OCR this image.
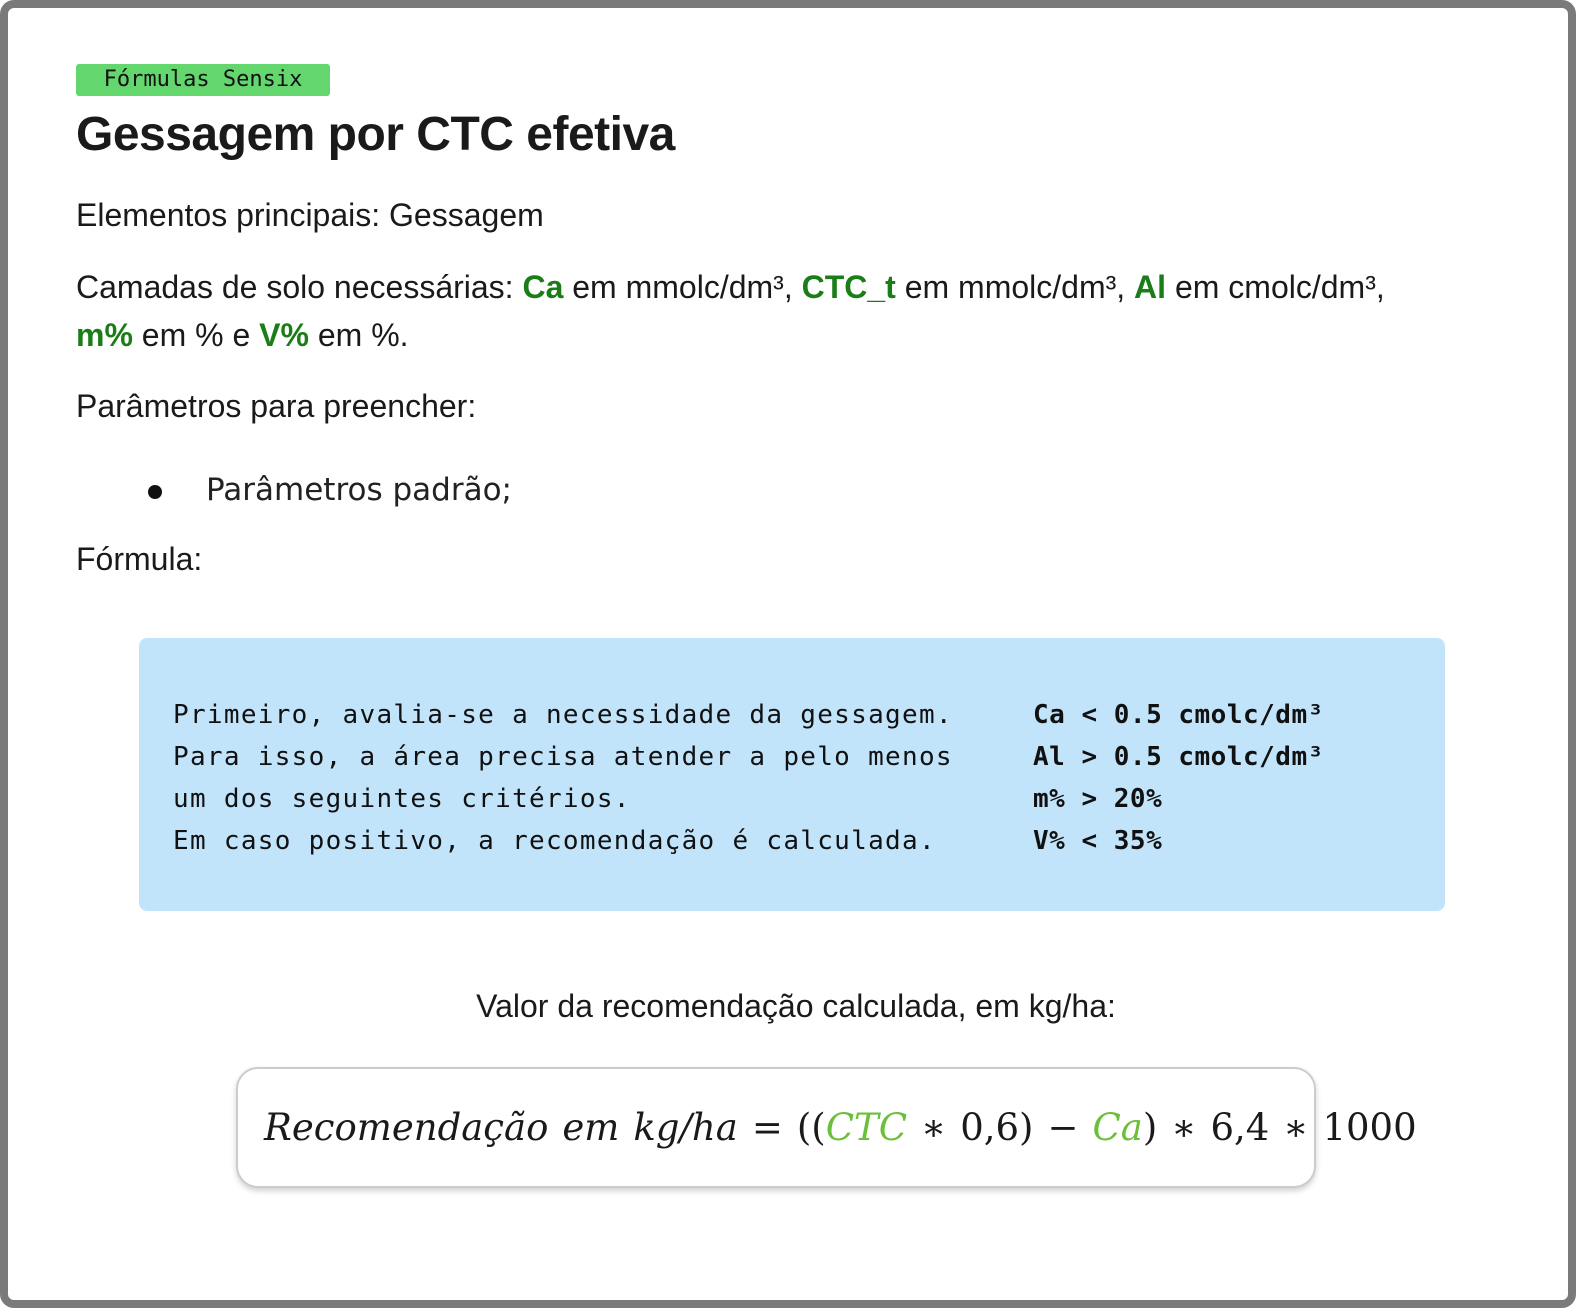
Fórmulas Sensix
Gessagem por CTC efetiva

Elementos principais: Gessagem

Camadas de solo necessárias: Ca em mmolc/dm³, CTC_t em mmolc/dm³, Al em cmolc/dm³,
m% em % e V% em %.

Parâmetros para preencher:

Parâmetros padrão;

Fórmula:

Primeiro, avalia-se a necessidade da gessagem.
Para isso, a área precisa atender a pelo menos
um dos seguintes critérios.
Em caso positivo, a recomendação é calculada.
Ca < 0.5 cmolc/dm³
Al > 0.5 cmolc/dm³
m% > 20%
V% < 35%

Valor da recomendação calculada, em kg/ha:

Recomendação em kg/ha = (( CTC ∗ 0,6) − Ca ) ∗ 6,4 ∗ 1000
